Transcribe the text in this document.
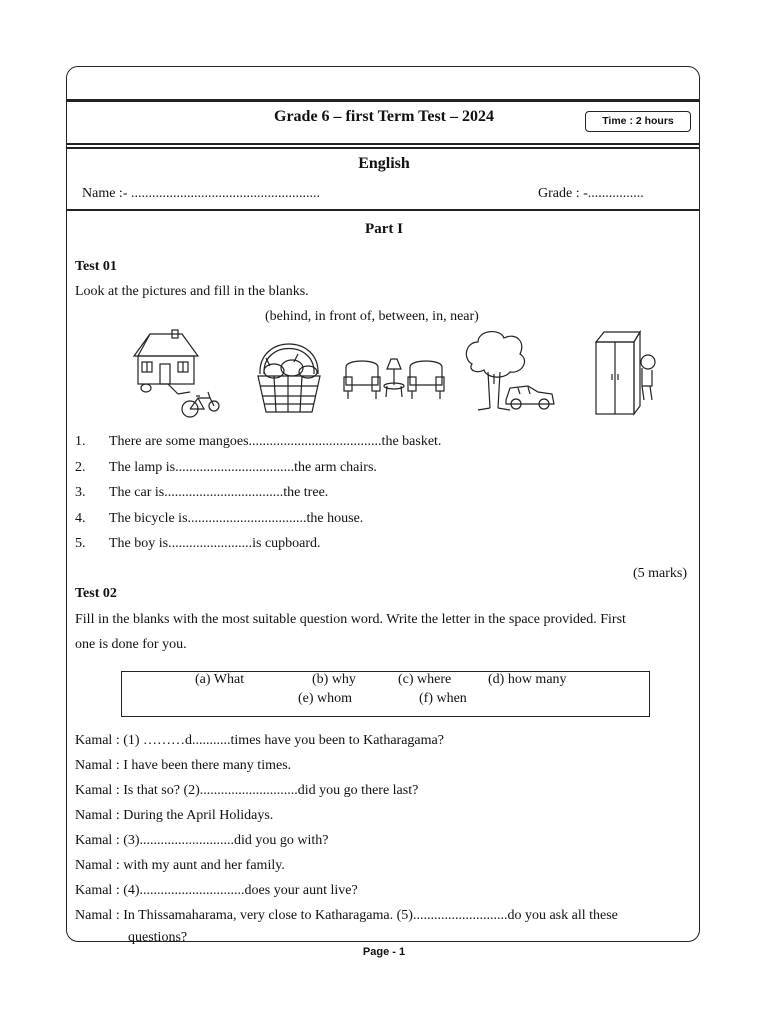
Grade 6 – first Term Test – 2024	Time : 2 hours
English
Name :- ......................................................	Grade : -................
Part I
Test 01
Look at the pictures and fill in the blanks.
(behind, in front of, between, in, near)
1. There are some mangoes......................................the basket.
2. The lamp is..................................the arm chairs.
3. The car is..................................the tree.
4. The bicycle is..................................the house.
5. The boy is........................is cupboard.
(5 marks)
Test 02
Fill in the blanks with the most suitable question word. Write the letter in the space provided. First
one is done for you.
(a) What	(b) why	(c) where	(d) how many
(e) whom	(f) when
Kamal : (1) ………d...........times have you been to Katharagama?
Namal : I have been there many times.
Kamal : Is that so? (2)............................did you go there last?
Namal : During the April Holidays.
Kamal : (3)...........................did you go with?
Namal : with my aunt and her family.
Kamal : (4)..............................does your aunt live?
Namal : In Thissamaharama, very close to Katharagama. (5)...........................do you ask all these
questions?
Page - 1
